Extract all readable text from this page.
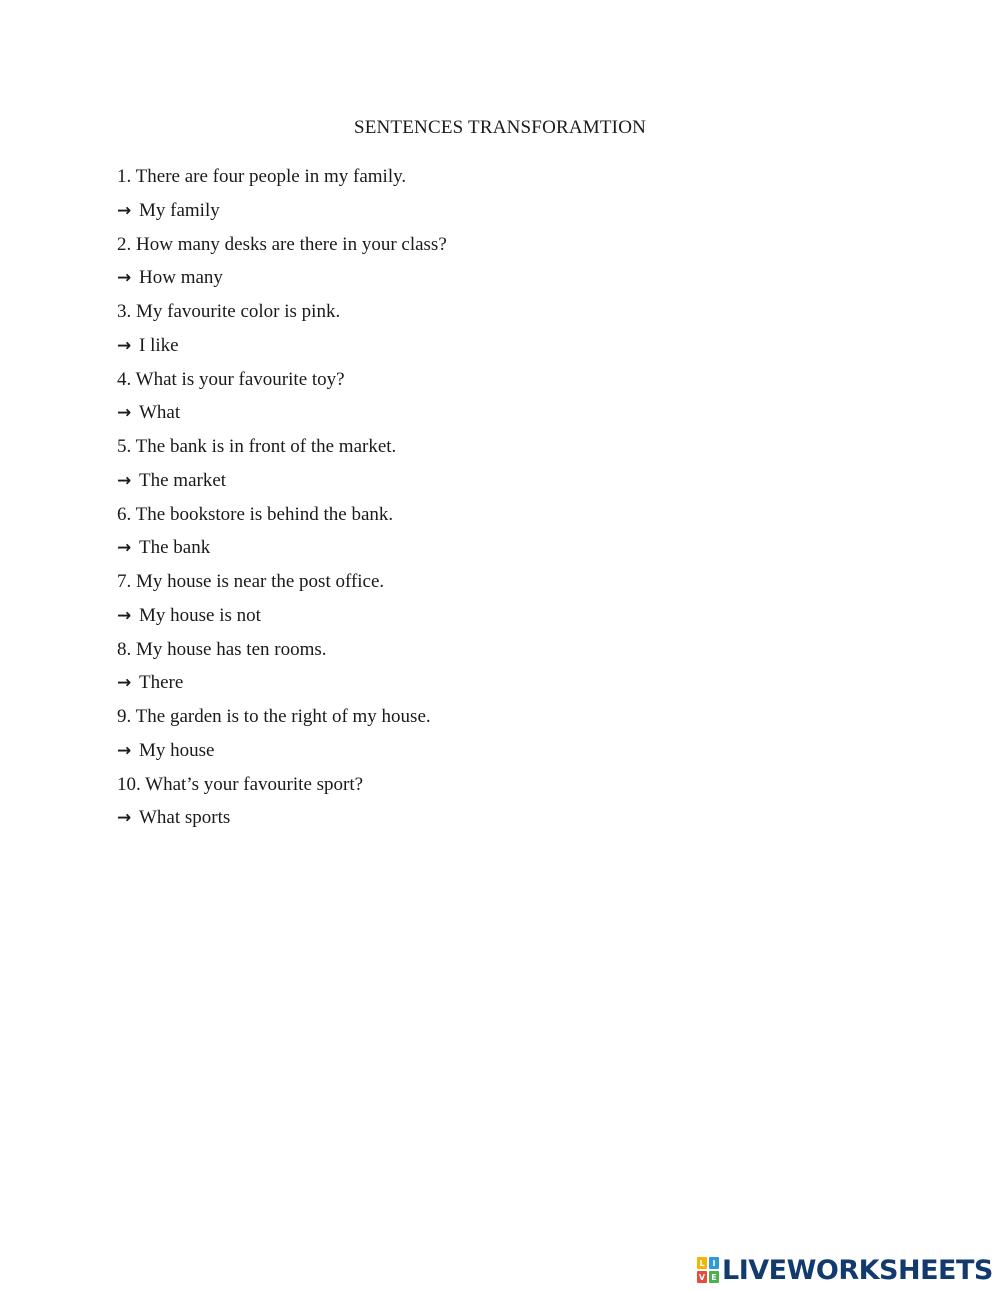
SENTENCES TRANSFORAMTION
1. There are four people in my family.
→ My family
2. How many desks are there in your class?
→ How many
3. My favourite color is pink.
→ I like
4. What is your favourite toy?
→ What
5. The bank is in front of the market.
→ The market
6. The bookstore is behind the bank.
→ The bank
7. My house is near the post office.
→ My house is not
8. My house has ten rooms.
→ There
9. The garden is to the right of my house.
→ My house
10. What’s your favourite sport?
→ What sports
L I
V E LIVEWORKSHEETS
